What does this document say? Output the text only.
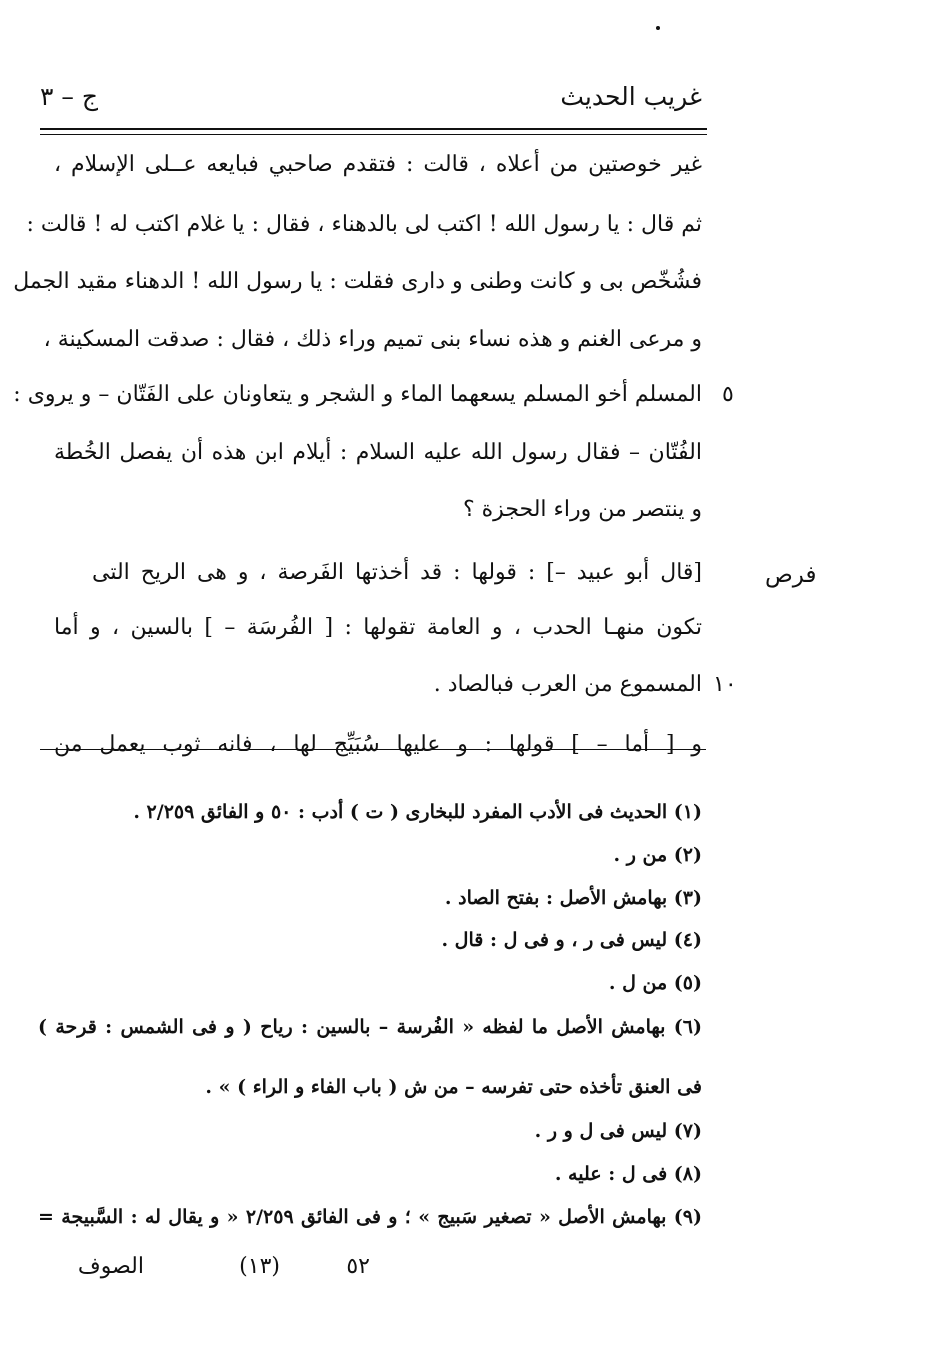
غريب الحديث
ج – ٣
غير خوصتين من أعلاه ، قالت : فتقدم صاحبي فبايعه عــلى الإسلام ،
ثم قال : يا رسول الله ! اكتب لى بالدهناء ، فقال : يا غلام اكتب له ! قالت :
فشُخّص بى و كانت وطنى و دارى فقلت : يا رسول الله ! الدهناء مقيد الجمل
و مرعى الغنم و هذه نساء بنى تميم وراء ذلك ، فقال : صدقت المسكينة ،
المسلم أخو المسلم يسعهما الماء و الشجر و يتعاونان على الفَتّان – و يروى :
الفُتّان – فقال رسول الله عليه السلام : أيلام ابن هذه أن يفصل الخُطة
و ينتصر من وراء الحجزة ؟
[قال أبو عبيد –] : قولها : قد أخذتها الفَرصة ، و هى الريح التى
تكون منهـا الحدب ، و العامة تقولها : [ الفُرسَة – ] بالسين ، و أما
المسموع من العرب فبالصاد .
و [ أما – ] قولها : و عليها سُبَيِّج لها ، فانه ثوب يعمل من
٥
١٠
فرص
(١) الحديث فى الأدب المفرد للبخارى ( ت ) أدب : ٥٠ و الفائق ٢/٢٥٩ .
(٢) من ر .
(٣) بهامش الأصل : بفتح الصاد .
(٤) ليس فى ر ، و فى ل : قال .
(٥) من ل .
(٦) بهامش الأصل ما لفظه « الفُرسة – بالسين : رياح ( و فى الشمس : قرحة )
فى العنق تأخذه حتى تفرسه – من ش ( باب الفاء و الراء ) » .
(٧) ليس فى ل و ر .
(٨) فى ل : عليه .
(٩) بهامش الأصل « تصغير سَبيج » ؛ و فى الفائق ٢/٢٥٩ « و يقال له : السَّبيجة =
٥٢
(١٣)
الصوف
